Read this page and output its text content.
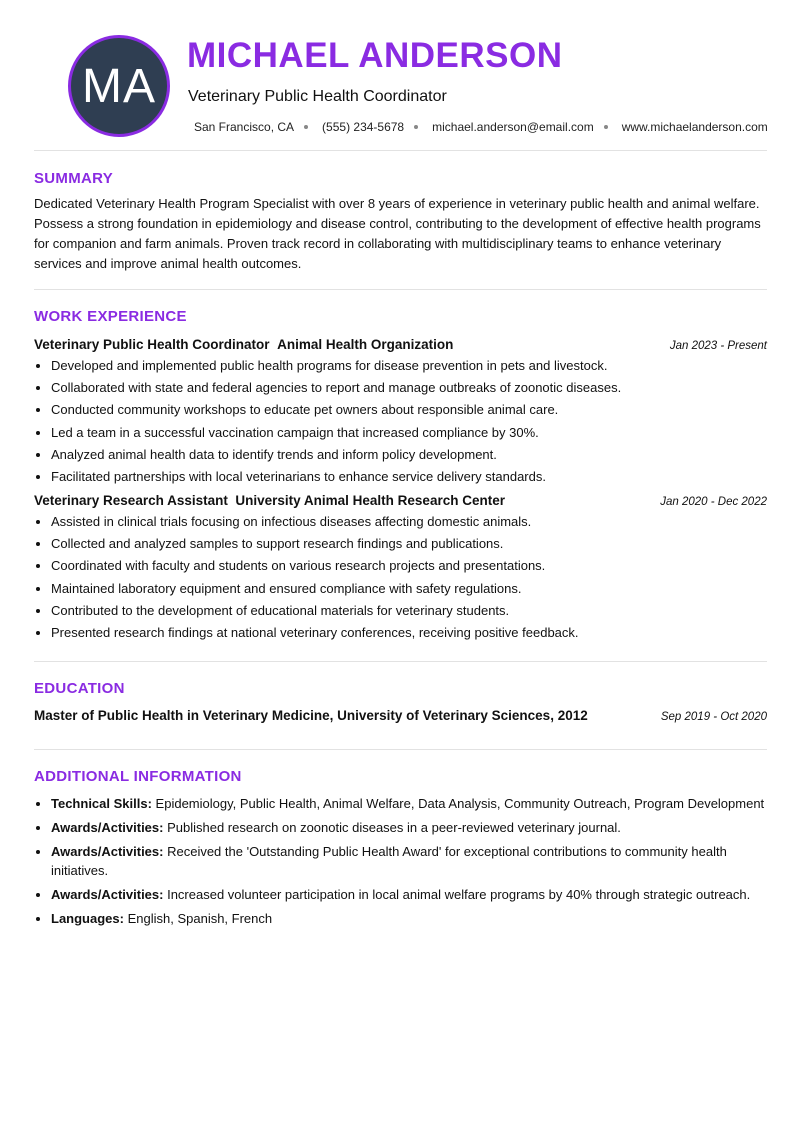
MA
MICHAEL ANDERSON
Veterinary Public Health Coordinator
San Francisco, CA (555) 234-5678 michael.anderson@email.com www.michaelanderson.com
SUMMARY
Dedicated Veterinary Health Program Specialist with over 8 years of experience in veterinary public health and animal welfare. Possess a strong foundation in epidemiology and disease control, contributing to the development of effective health programs for companion and farm animals. Proven track record in collaborating with multidisciplinary teams to enhance veterinary services and improve animal health outcomes.
WORK EXPERIENCE
Veterinary Public Health Coordinator Animal Health Organization	Jan 2023 - Present
• Developed and implemented public health programs for disease prevention in pets and livestock.
• Collaborated with state and federal agencies to report and manage outbreaks of zoonotic diseases.
• Conducted community workshops to educate pet owners about responsible animal care.
• Led a team in a successful vaccination campaign that increased compliance by 30%.
• Analyzed animal health data to identify trends and inform policy development.
• Facilitated partnerships with local veterinarians to enhance service delivery standards.
Veterinary Research Assistant University Animal Health Research Center	Jan 2020 - Dec 2022
• Assisted in clinical trials focusing on infectious diseases affecting domestic animals.
• Collected and analyzed samples to support research findings and publications.
• Coordinated with faculty and students on various research projects and presentations.
• Maintained laboratory equipment and ensured compliance with safety regulations.
• Contributed to the development of educational materials for veterinary students.
• Presented research findings at national veterinary conferences, receiving positive feedback.
EDUCATION
Master of Public Health in Veterinary Medicine, University of Veterinary Sciences, 2012	Sep 2019 - Oct 2020
ADDITIONAL INFORMATION
• Technical Skills: Epidemiology, Public Health, Animal Welfare, Data Analysis, Community Outreach, Program Development
• Awards/Activities: Published research on zoonotic diseases in a peer-reviewed veterinary journal.
• Awards/Activities: Received the 'Outstanding Public Health Award' for exceptional contributions to community health initiatives.
• Awards/Activities: Increased volunteer participation in local animal welfare programs by 40% through strategic outreach.
• Languages: English, Spanish, French
